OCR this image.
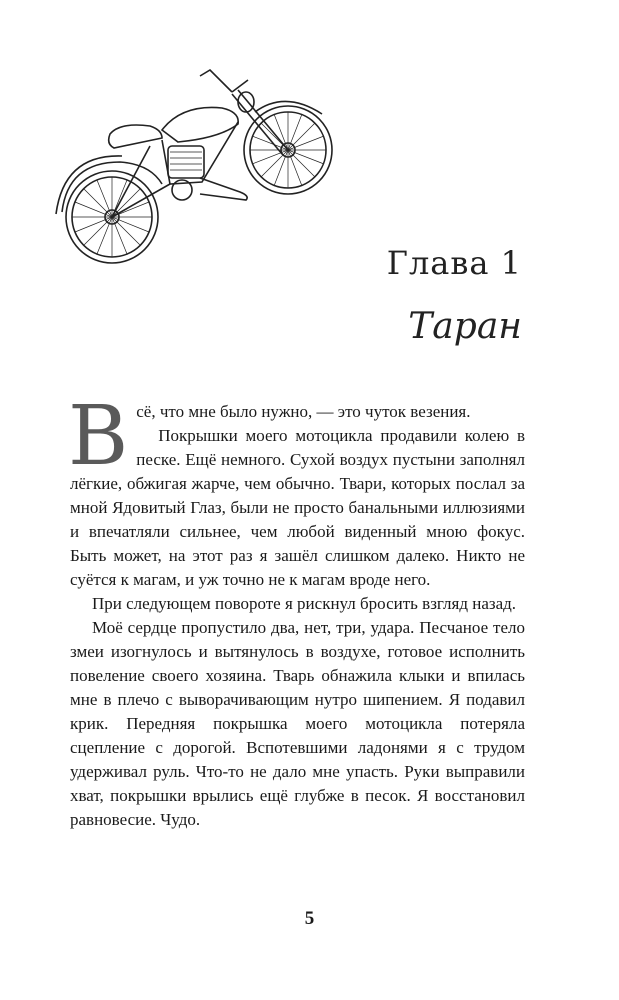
Глава 1
Таран

Всё, что мне было нужно, — это чуток везения.

Покрышки моего мотоцикла продавили колею в песке. Ещё немного. Сухой воздух пустыни заполнял лёгкие, обжигая жарче, чем обычно. Твари, которых послал за мной Ядовитый Глаз, были не просто банальными иллюзиями и впечатляли сильнее, чем любой виденный мною фокус. Быть может, на этот раз я зашёл слишком далеко. Никто не суётся к магам, и уж точно не к магам вроде него.

При следующем повороте я рискнул бросить взгляд назад.

Моё сердце пропустило два, нет, три, удара. Песчаное тело змеи изогнулось и вытянулось в воздухе, готовое исполнить повеление своего хозяина. Тварь обнажила клыки и впилась мне в плечо с выворачивающим нутро шипением. Я подавил крик. Передняя покрышка моего мотоцикла потеряла сцепление с дорогой. Вспотевшими ладонями я с трудом удерживал руль. Что-то не дало мне упасть. Руки выправили хват, покрышки врылись ещё глубже в песок. Я восстановил равновесие. Чудо.

5
